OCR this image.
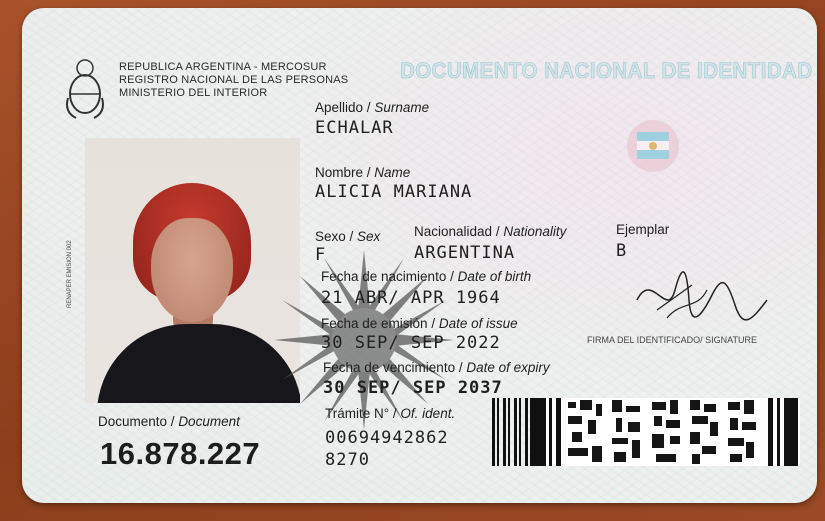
REPUBLICA ARGENTINA - MERCOSUR
REGISTRO NACIONAL DE LAS PERSONAS
MINISTERIO DEL INTERIOR
DOCUMENTO NACIONAL DE IDENTIDAD
RENAPER EMISION 002
Apellido / Surname
ECHALAR
Nombre / Name
ALICIA MARIANA
Sexo / Sex
F
Nacionalidad / Nationality
ARGENTINA
Ejemplar
B
Fecha de nacimiento / Date of birth
21 ABR/ APR 1964
Fecha de emisión / Date of issue
30 SEP/ SEP 2022
Fecha de vencimiento / Date of expiry
30 SEP/ SEP 2037
Trámite N° / Of. ident.
00694942862
8270
Documento / Document
16.878.227
FIRMA DEL IDENTIFICADO/ SIGNATURE
